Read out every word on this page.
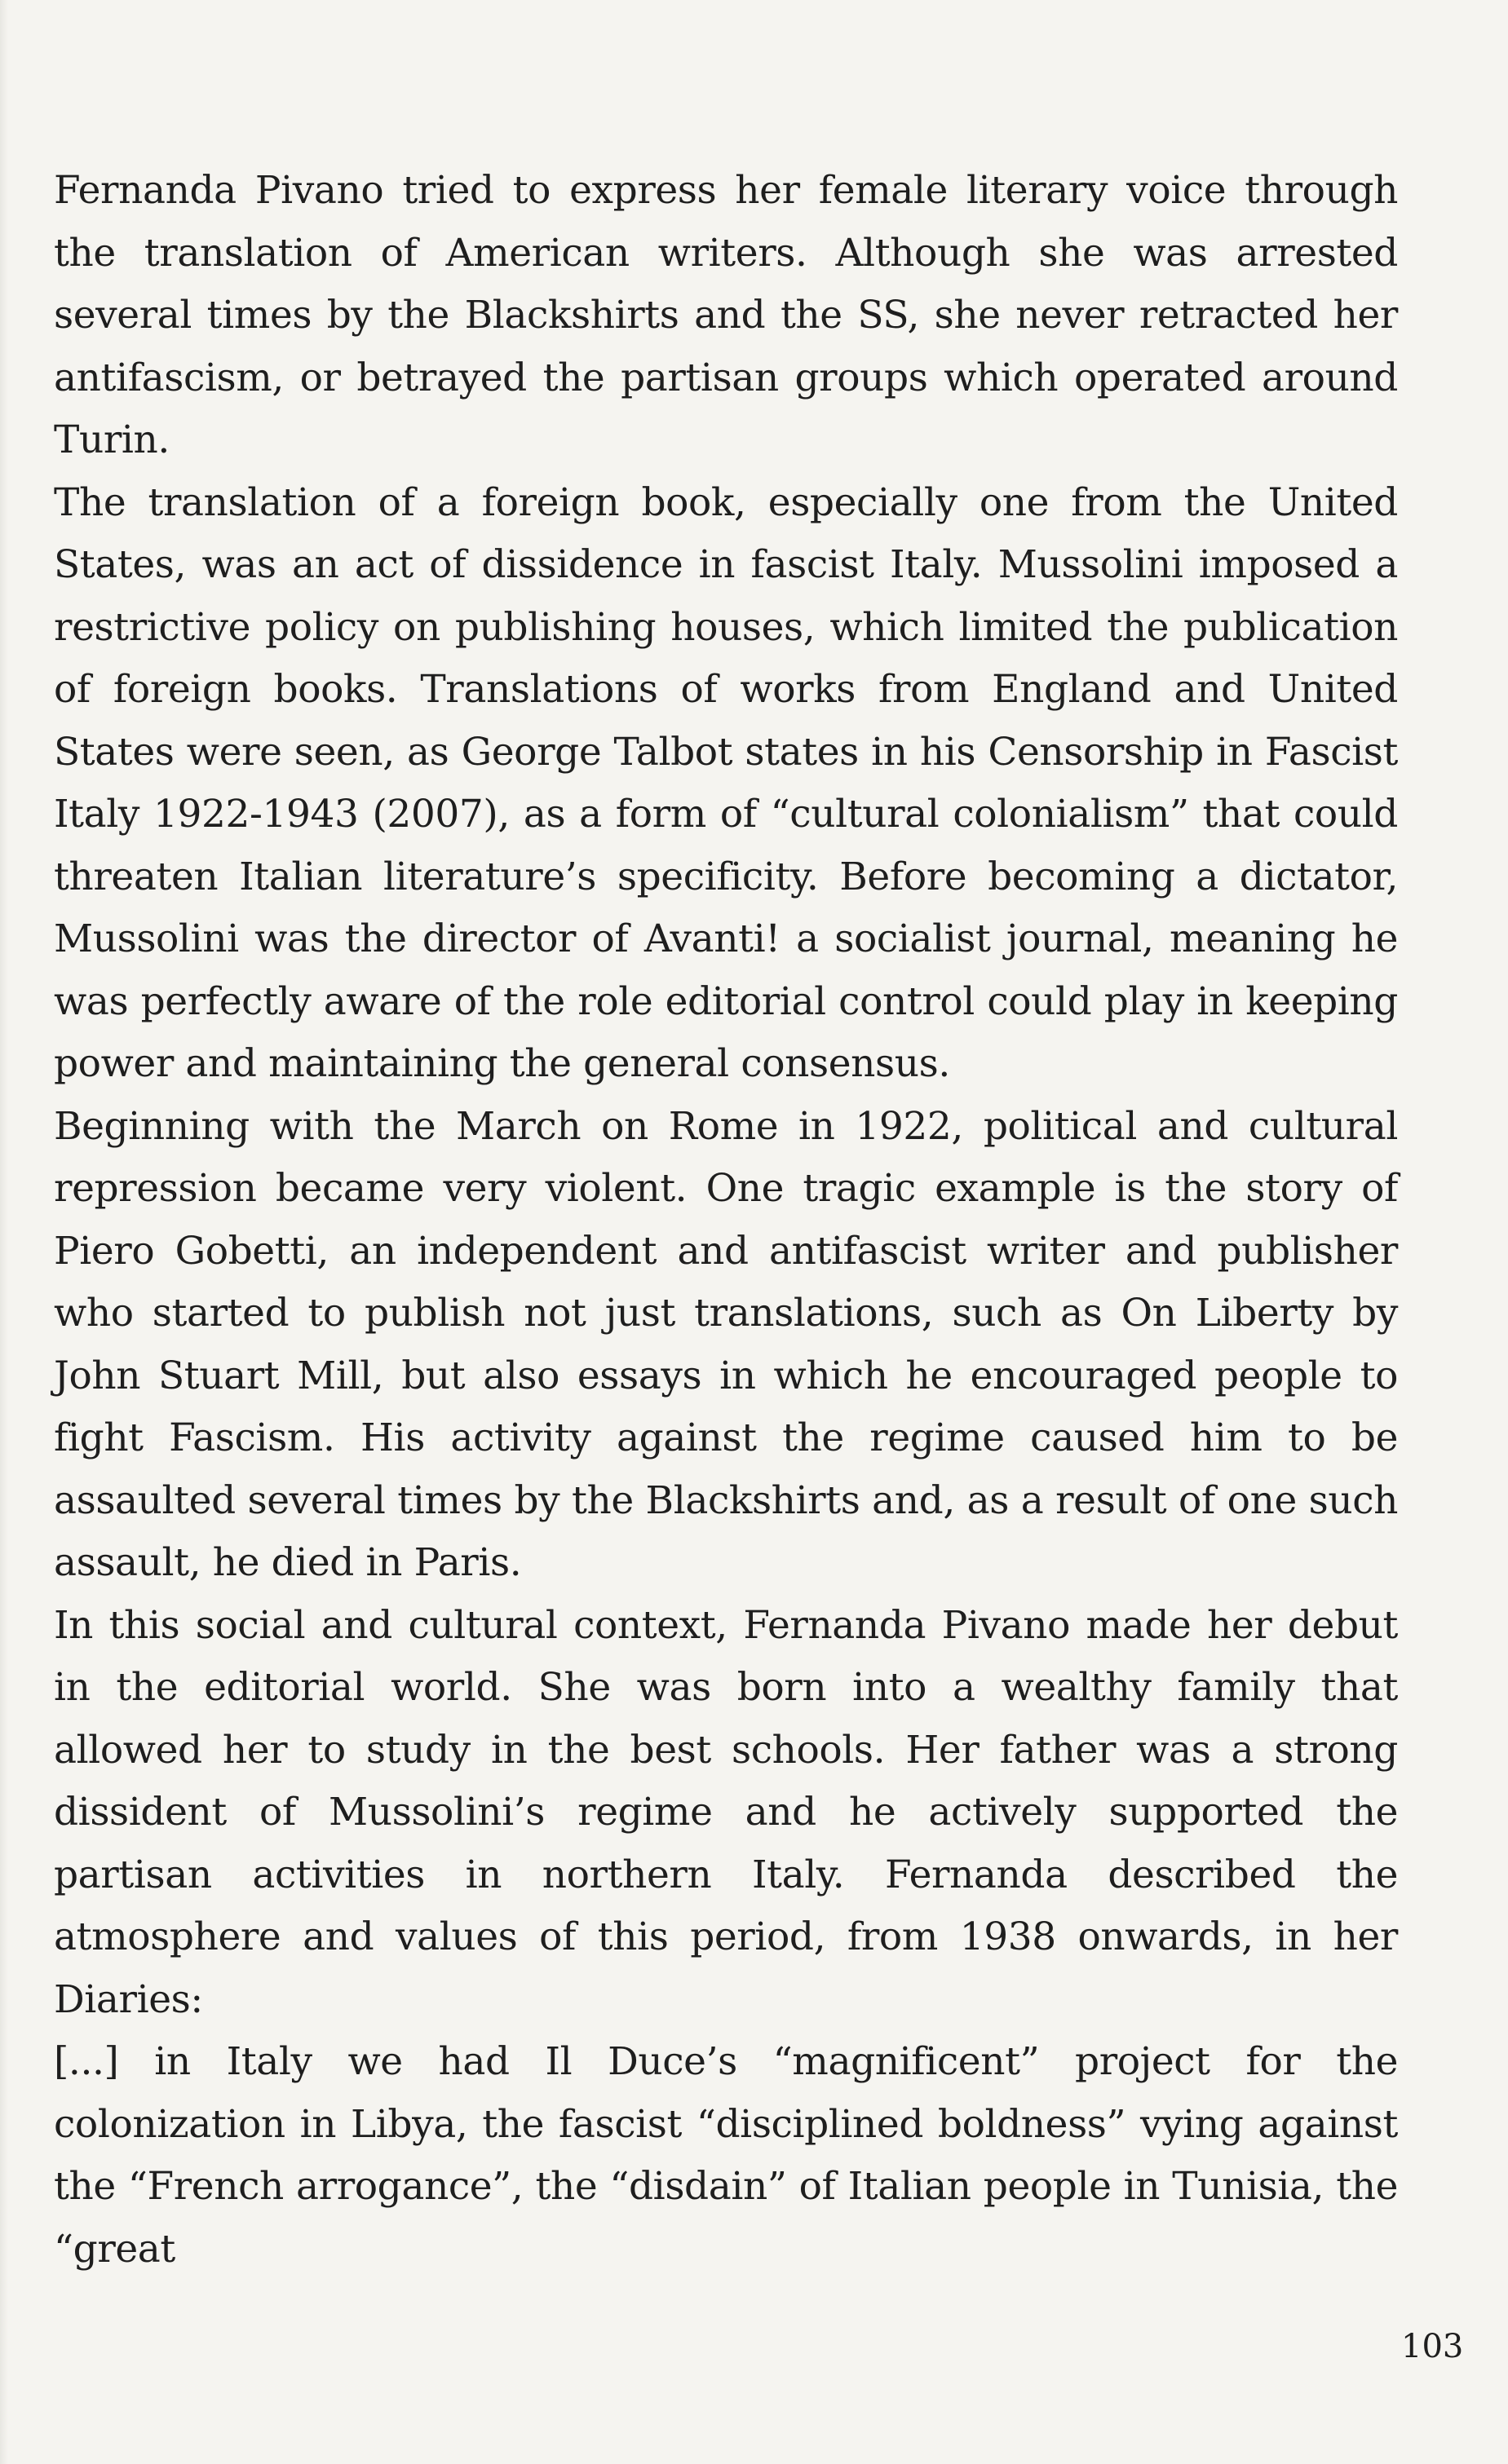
Fernanda Pivano tried to express her female literary voice through the translation of American writers. Although she was arrested several times by the Blackshirts and the SS, she never retracted her antifascism, or betrayed the partisan groups which operated around Turin.

The translation of a foreign book, especially one from the United States, was an act of dissidence in fascist Italy. Mussolini imposed a restrictive policy on publishing houses, which limited the publication of foreign books. Translations of works from England and United States were seen, as George Talbot states in his Censorship in Fascist Italy 1922-1943 (2007), as a form of “cultural colonialism” that could threaten Italian literature’s specificity. Before becoming a dictator, Mussolini was the director of Avanti! a socialist journal, meaning he was perfectly aware of the role editorial control could play in keeping power and maintaining the general consensus.

Beginning with the March on Rome in 1922, political and cultural repression became very violent. One tragic example is the story of Piero Gobetti, an independent and antifascist writer and publisher who started to publish not just translations, such as On Liberty by John Stuart Mill, but also essays in which he encouraged people to fight Fascism. His activity against the regime caused him to be assaulted several times by the Blackshirts and, as a result of one such assault, he died in Paris.

In this social and cultural context, Fernanda Pivano made her debut in the editorial world. She was born into a wealthy family that allowed her to study in the best schools. Her father was a strong dissident of Mussolini’s regime and he actively supported the partisan activities in northern Italy. Fernanda described the atmosphere and values of this period, from 1938 onwards, in her Diaries:

[...] in Italy we had Il Duce’s “magnificent” project for the colonization in Libya, the fascist “disciplined boldness” vying against the “French arrogance”, the “disdain” of Italian people in Tunisia, the “great

103
